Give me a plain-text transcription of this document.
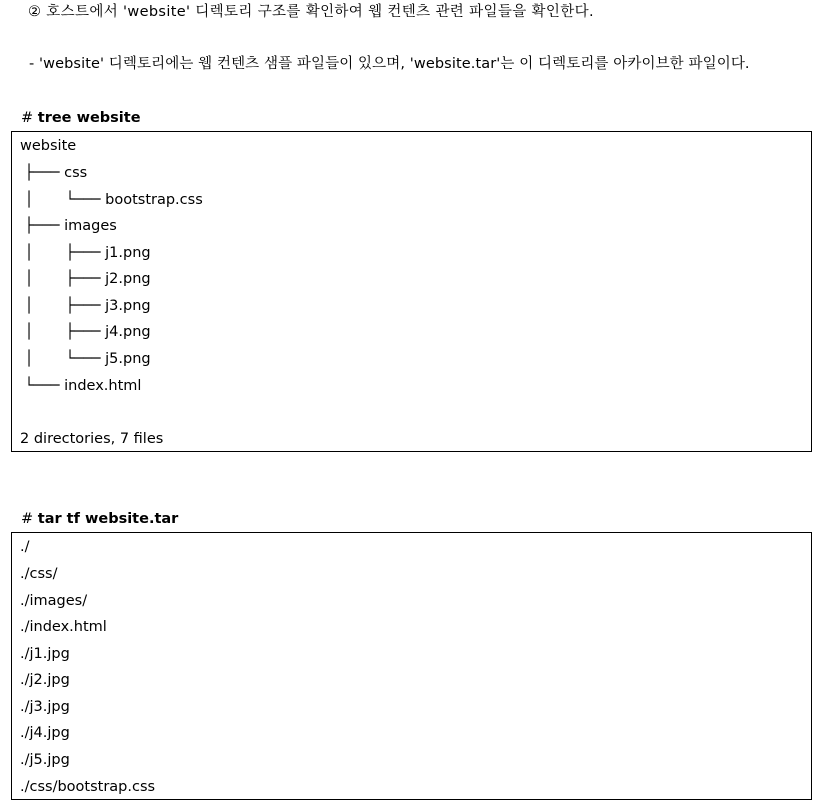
② 호스트에서 'website' 디렉토리 구조를 확인하여 웹 컨텐츠 관련 파일들을 확인한다.
- 'website' 디렉토리에는 웹 컨텐츠 샘플 파일들이 있으며, 'website.tar'는 이 디렉토리를 아카이브한 파일이다.
# tree website
website
├─── css
│       └─── bootstrap.css
├─── images
│       ├─── j1.png
│       ├─── j2.png
│       ├─── j3.png
│       ├─── j4.png
│       └─── j5.png
└─── index.html
2 directories, 7 files
# tar tf website.tar
./
./css/
./images/
./index.html
./j1.jpg
./j2.jpg
./j3.jpg
./j4.jpg
./j5.jpg
./css/bootstrap.css
